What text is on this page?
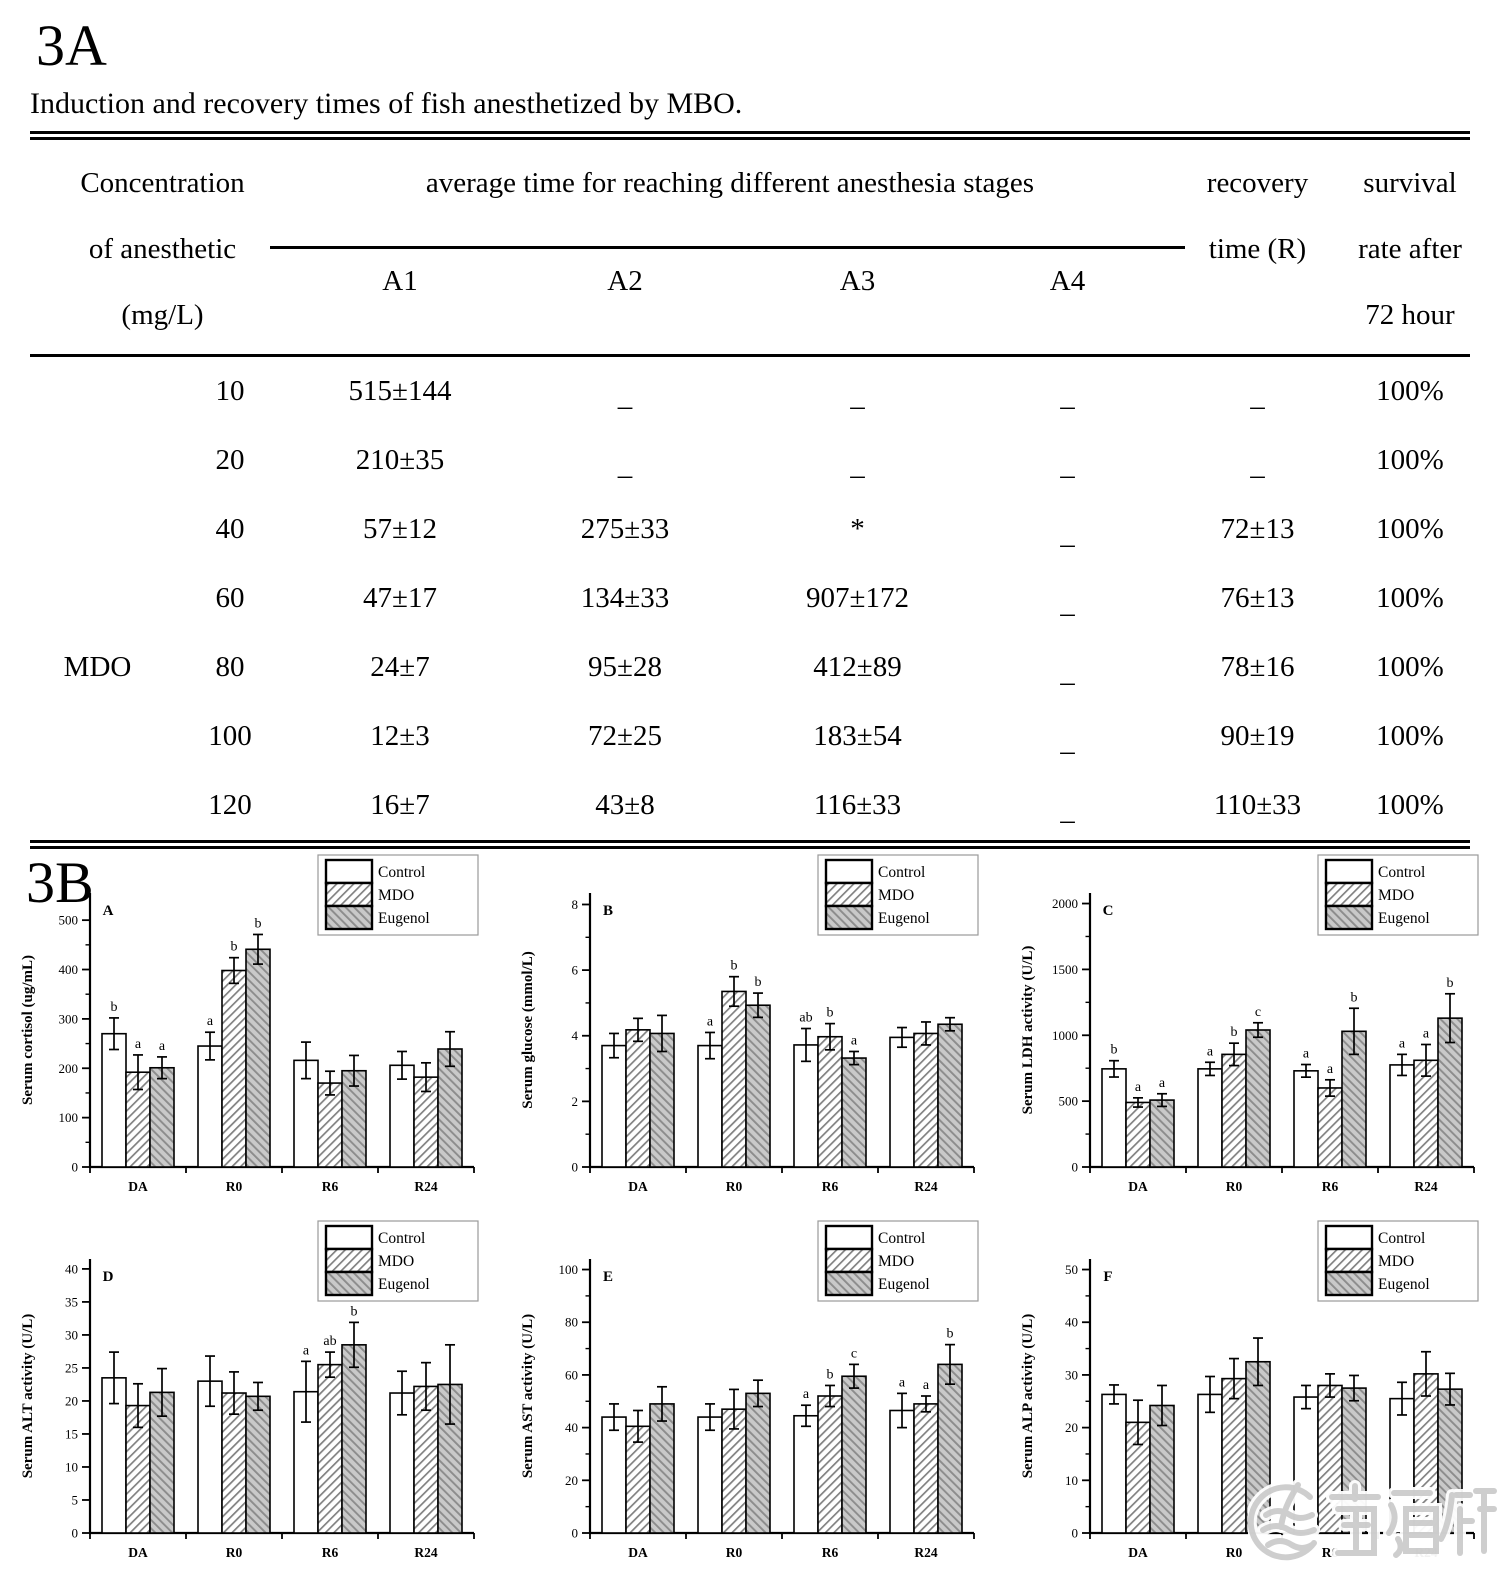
3A
Induction and recovery times of fish anesthetized by MBO.
Concentration
of anesthetic
(mg/L)
average time for reaching different anesthesia stages
A1	A2	A3	A4
recovery
time (R)
survival
rate after
72 hour
10	515±144	–	–	–	–	100%
20	210±35	–	–	–	–	100%
40	57±12	275±33	*	–	72±13	100%
60	47±17	134±33	907±172	–	76±13	100%
MDO	80	24±7	95±28	412±89	–	78±16	100%
100	12±3	72±25	183±54	–	90±19	100%
120	16±7	43±8	116±33	–	110±33	100%
3B
0
100
200
300
400
500
DA	R0	R6	R24
b
a
a
b
a
b
A
Serum cortisol (ug/mL)
Control
MDO
Eugenol
0
2
4
6
8
DA	R0	R6	R24
a	ab
b
b
b
a
B
Serum glucose (mmol/L)
Control
MDO
Eugenol
0
500
1000
1500
2000
DA	R0	R6	R24
b	a	a
a
a
b
a
a
a
c
b
b
C
Serum LDH activity (U/L)
Control
MDO
Eugenol
0
5
10
15
20
25
30
35
40
DA	R0	R6	R24
a
ab
b
D
Serum ALT activity (U/L)
Control
MDO
Eugenol
0
20
40
60
80
100
DA	R0	R6	R24
a
a
b
a
c
b
E
Serum AST activity (U/L)
Control
MDO
Eugenol
0
10
20
30
40
50
DA	R0	R6	R24
F
Serum ALP activity (U/L)
Control
MDO
Eugenol
